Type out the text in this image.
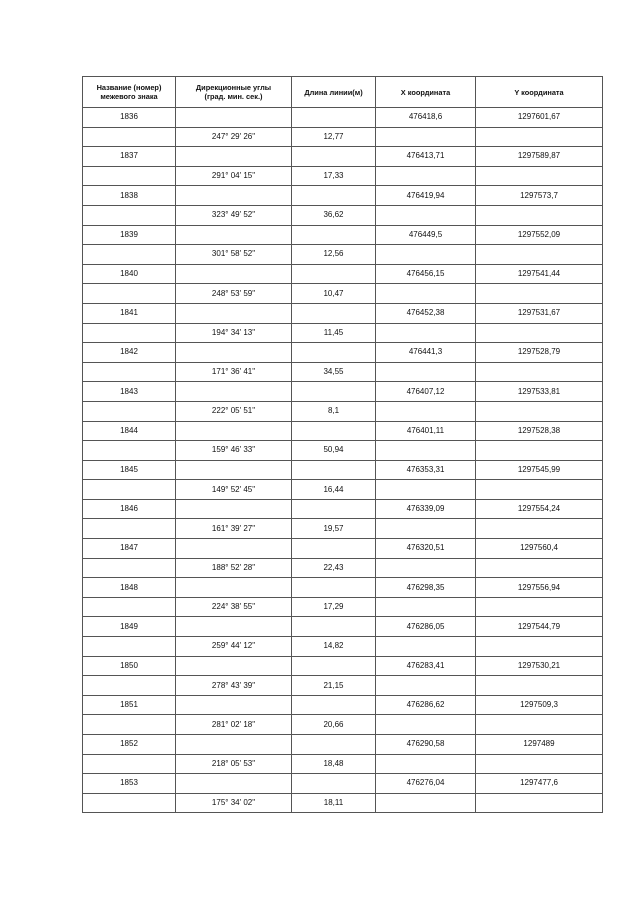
Название (номер)
межевого знака	Дирекционные углы
(град. мин. сек.)	Длина линии(м)	X координата	Y координата

1836			476418,6	1297601,67
	247° 29' 26"	12,77		
1837			476413,71	1297589,87
	291° 04' 15"	17,33		
1838			476419,94	1297573,7
	323° 49' 52"	36,62		
1839			476449,5	1297552,09
	301° 58' 52"	12,56		
1840			476456,15	1297541,44
	248° 53' 59"	10,47		
1841			476452,38	1297531,67
	194° 34' 13"	11,45		
1842			476441,3	1297528,79
	171° 36' 41"	34,55		
1843			476407,12	1297533,81
	222° 05' 51"	8,1		
1844			476401,11	1297528,38
	159° 46' 33"	50,94		
1845			476353,31	1297545,99
	149° 52' 45"	16,44		
1846			476339,09	1297554,24
	161° 39' 27"	19,57		
1847			476320,51	1297560,4
	188° 52' 28"	22,43		
1848			476298,35	1297556,94
	224° 38' 55"	17,29		
1849			476286,05	1297544,79
	259° 44' 12"	14,82		
1850			476283,41	1297530,21
	278° 43' 39"	21,15		
1851			476286,62	1297509,3
	281° 02' 18"	20,66		
1852			476290,58	1297489
	218° 05' 53"	18,48		
1853			476276,04	1297477,6
	175° 34' 02"	18,11		
